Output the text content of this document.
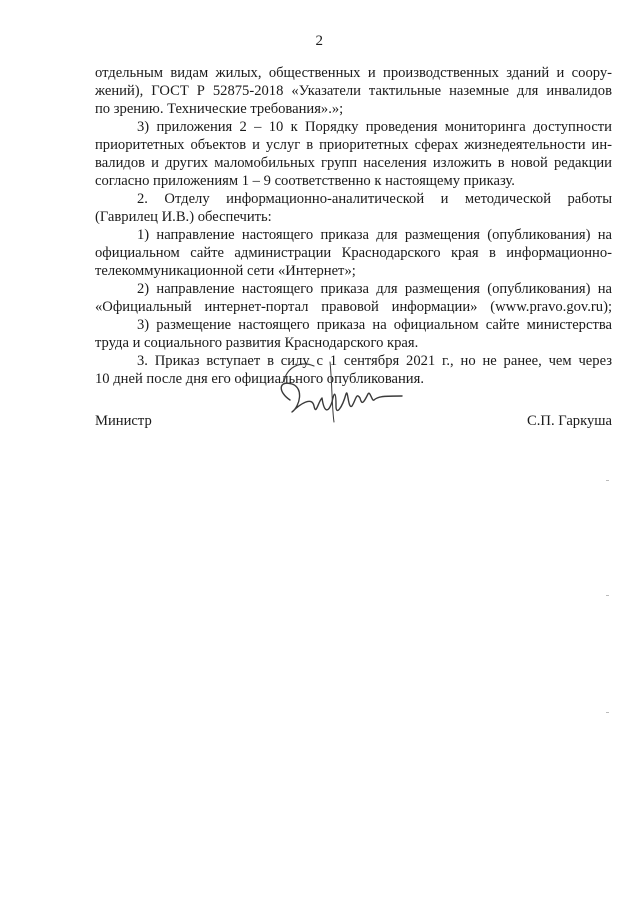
2
отдельным видам жилых, общественных и производственных зданий и соору-
жений), ГОСТ Р 52875-2018 «Указатели тактильные наземные для инвалидов
по зрению. Технические требования».»;
3) приложения 2 – 10 к Порядку проведения мониторинга доступности
приоритетных объектов и услуг в приоритетных сферах жизнедеятельности ин-
валидов и других маломобильных групп населения изложить в новой редакции
согласно приложениям 1 – 9 соответственно к настоящему приказу.
2. Отделу информационно-аналитической и методической работы
(Гаврилец И.В.) обеспечить:
1) направление настоящего приказа для размещения (опубликования) на
официальном сайте администрации Краснодарского края в информационно-
телекоммуникационной сети «Интернет»;
2) направление настоящего приказа для размещения (опубликования) на
«Официальный интернет-портал правовой информации» (www.pravo.gov.ru);
3) размещение настоящего приказа на официальном сайте министерства
труда и социального развития Краснодарского края.
3. Приказ вступает в силу с 1 сентября 2021 г., но не ранее, чем через
10 дней после дня его официального опубликования.
Министр	С.П. Гаркуша
